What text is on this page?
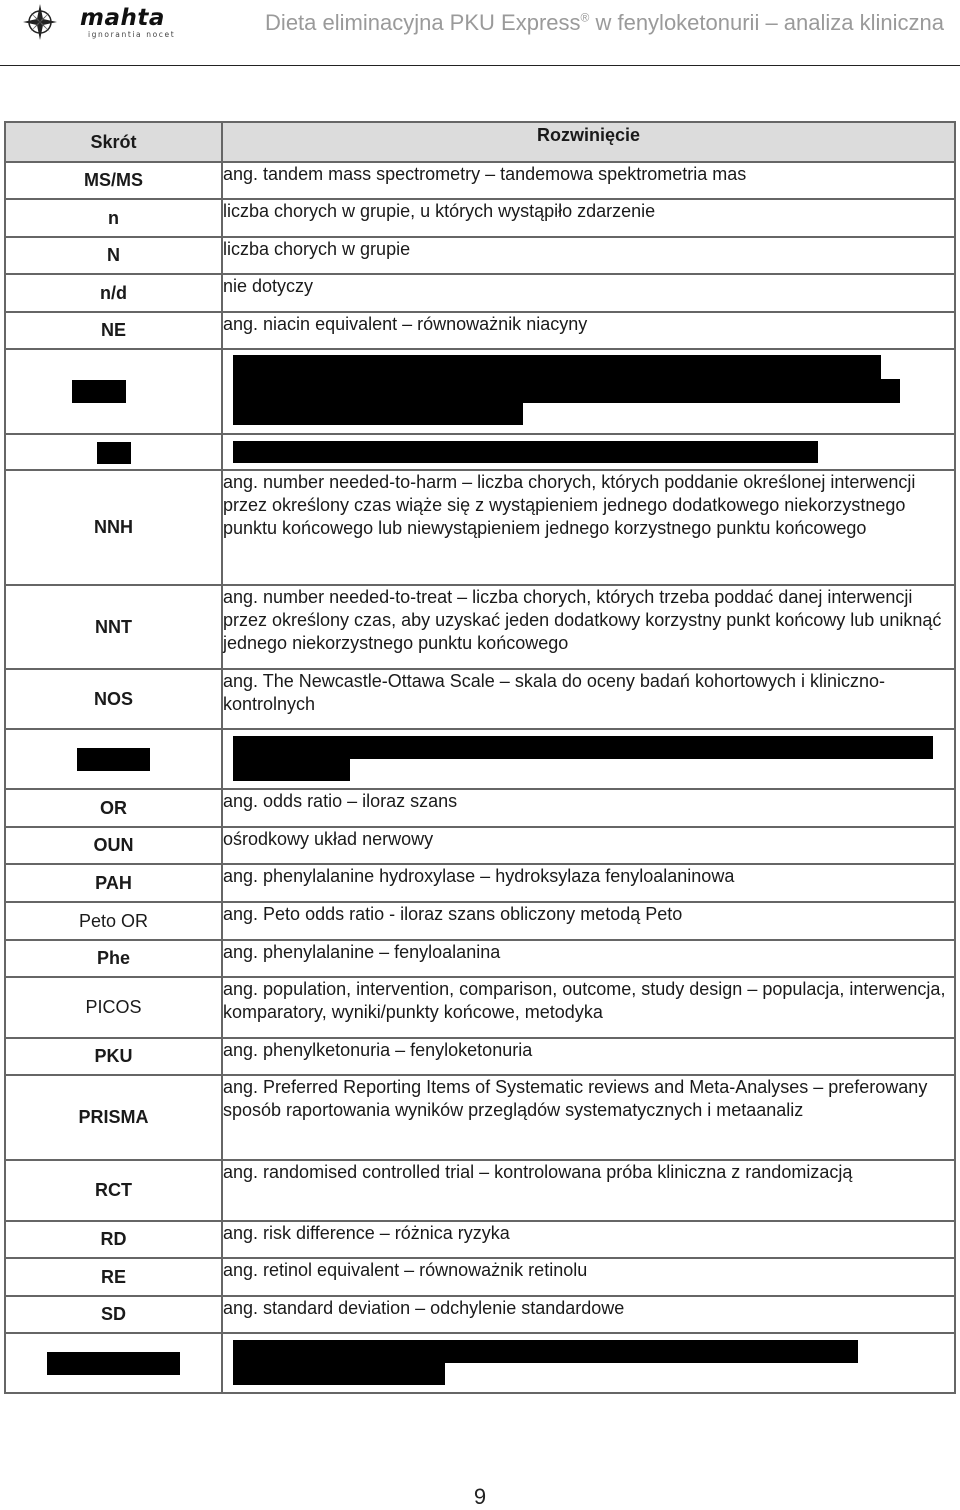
mahta
ignorantia nocet	Dieta eliminacyjna PKU Express® w fenyloketonurii – analiza kliniczna
Skrót	Rozwinięcie
MS/MS	ang. tandem mass spectrometry – tandemowa spektrometria mas
n	liczba chorych w grupie, u których wystąpiło zdarzenie
N	liczba chorych w grupie
n/d	nie dotyczy
NE	ang. niacin equivalent – równoważnik niacyny

NNH	ang. number needed-to-harm – liczba chorych, których poddanie określonej interwencji przez określony czas wiąże się z wystąpieniem jednego dodatkowego niekorzystnego punktu końcowego lub niewystąpieniem jednego korzystnego punktu końcowego
NNT	ang. number needed-to-treat – liczba chorych, których trzeba poddać danej interwencji przez określony czas, aby uzyskać jeden dodatkowy korzystny punkt końcowy lub uniknąć jednego niekorzystnego punktu końcowego
NOS	ang. The Newcastle-Ottawa Scale – skala do oceny badań kohortowych i kliniczno-kontrolnych

OR	ang. odds ratio – iloraz szans
OUN	ośrodkowy układ nerwowy
PAH	ang. phenylalanine hydroxylase – hydroksylaza fenyloalaninowa
Peto OR	ang. Peto odds ratio - iloraz szans obliczony metodą Peto
Phe	ang. phenylalanine – fenyloalanina
PICOS	ang. population, intervention, comparison, outcome, study design – populacja, interwencja, komparatory, wyniki/punkty końcowe, metodyka
PKU	ang. phenylketonuria – fenyloketonuria
PRISMA	ang. Preferred Reporting Items of Systematic reviews and Meta-Analyses – preferowany sposób raportowania wyników przeglądów systematycznych i metaanaliz
RCT	ang. randomised controlled trial – kontrolowana próba kliniczna z randomizacją
RD	ang. risk difference – różnica ryzyka
RE	ang. retinol equivalent – równoważnik retinolu
SD	ang. standard deviation – odchylenie standardowe

9
